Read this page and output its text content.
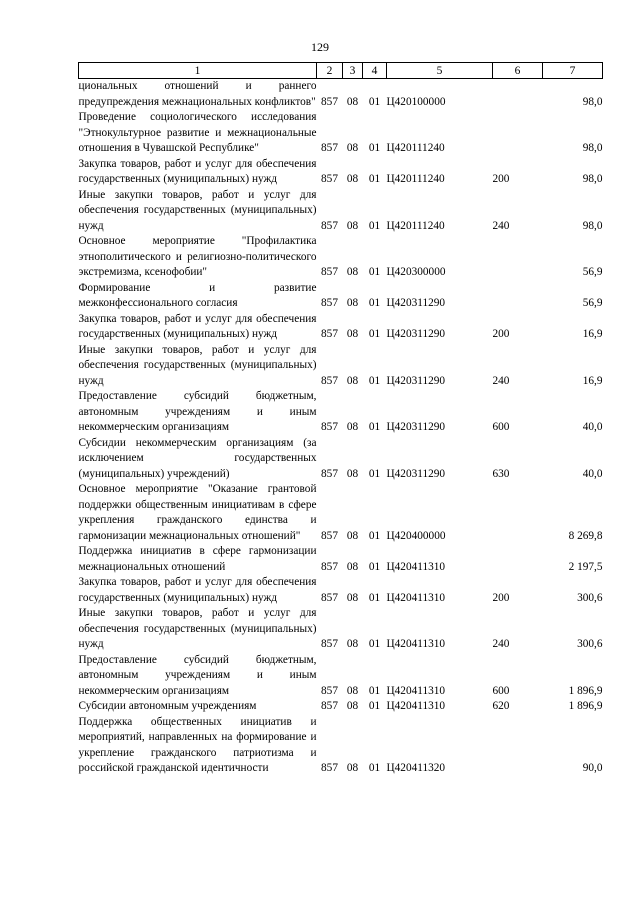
129
1	2	3	4	5	6	7

циональных отношений и раннего предупреждения межнациональных конфликтов"	857	08	01	Ц420100000		98,0

Проведение социологического исследования "Этнокультурное развитие и межнациональные отношения в Чувашской Республике"	857	08	01	Ц420111240		98,0

Закупка товаров, работ и услуг для обеспечения государственных (муниципальных) нужд	857	08	01	Ц420111240	200	98,0

Иные закупки товаров, работ и услуг для обеспечения государственных (муниципальных) нужд	857	08	01	Ц420111240	240	98,0

Основное мероприятие "Профилактика этнополитического и религиозно-политического экстремизма, ксенофобии"	857	08	01	Ц420300000		56,9

Формирование и развитие межконфессионального согласия	857	08	01	Ц420311290		56,9

Закупка товаров, работ и услуг для обеспечения государственных (муниципальных) нужд	857	08	01	Ц420311290	200	16,9

Иные закупки товаров, работ и услуг для обеспечения государственных (муниципальных) нужд	857	08	01	Ц420311290	240	16,9

Предоставление субсидий бюджетным, автономным учреждениям и иным некоммерческим организациям	857	08	01	Ц420311290	600	40,0

Субсидии некоммерческим организациям (за исключением государственных (муниципальных) учреждений)	857	08	01	Ц420311290	630	40,0

Основное мероприятие "Оказание грантовой поддержки общественным инициативам в сфере укрепления гражданского единства и гармонизации межнациональных отношений"	857	08	01	Ц420400000		8 269,8

Поддержка инициатив в сфере гармонизации межнациональных отношений	857	08	01	Ц420411310		2 197,5

Закупка товаров, работ и услуг для обеспечения государственных (муниципальных) нужд	857	08	01	Ц420411310	200	300,6

Иные закупки товаров, работ и услуг для обеспечения государственных (муниципальных) нужд	857	08	01	Ц420411310	240	300,6

Предоставление субсидий бюджетным, автономным учреждениям и иным некоммерческим организациям	857	08	01	Ц420411310	600	1 896,9

Субсидии автономным учреждениям	857	08	01	Ц420411310	620	1 896,9

Поддержка общественных инициатив и мероприятий, направленных на формирование и укрепление гражданского патриотизма и российской гражданской идентичности	857	08	01	Ц420411320		90,0
